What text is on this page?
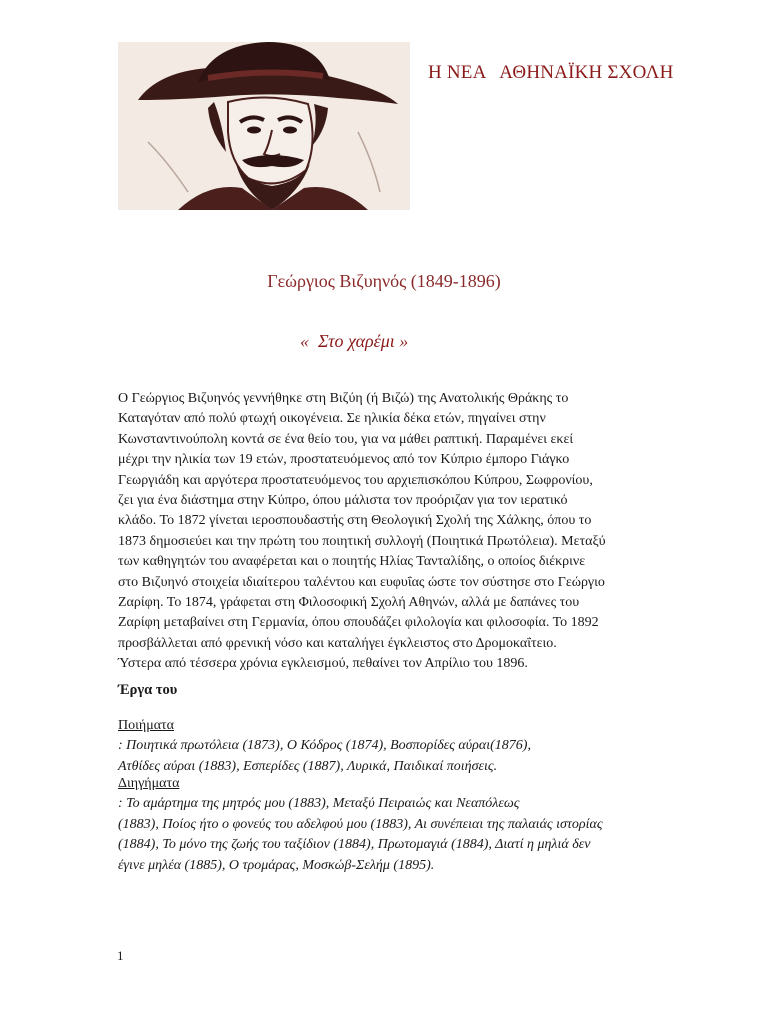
Η ΝΕΑ   ΑΘΗΝΑΪΚΗ ΣΧΟΛΗ
Γεώργιος Βιζυηνός (1849-1896)
«  Στο χαρέμι »
Ο Γεώργιος Βιζυηνός γεννήθηκε στη Βιζύη (ή Βιζώ) της Ανατολικής Θράκης το
Καταγόταν από πολύ φτωχή οικογένεια. Σε ηλικία δέκα ετών, πηγαίνει στην
Κωνσταντινούπολη κοντά σε ένα θείο του, για να μάθει ραπτική. Παραμένει εκεί
μέχρι την ηλικία των 19 ετών, προστατευόμενος από τον Κύπριο έμπορο Γιάγκο
Γεωργιάδη και αργότερα προστατευόμενος του αρχιεπισκόπου Κύπρου, Σωφρονίου,
ζει για ένα διάστημα στην Κύπρο, όπου μάλιστα τον προόριζαν για τον ιερατικό
κλάδο. Το 1872 γίνεται ιεροσπουδαστής στη Θεολογική Σχολή της Χάλκης, όπου το
1873 δημοσιεύει και την πρώτη του ποιητική συλλογή (Ποιητικά Πρωτόλεια). Μεταξύ
των καθηγητών του αναφέρεται και ο ποιητής Ηλίας Τανταλίδης, ο οποίος διέκρινε
στο Βιζυηνό στοιχεία ιδιαίτερου ταλέντου και ευφυΐας ώστε τον σύστησε στο Γεώργιο
Ζαρίφη. Το 1874, γράφεται στη Φιλοσοφική Σχολή Αθηνών, αλλά με δαπάνες του
Ζαρίφη μεταβαίνει στη Γερμανία, όπου σπουδάζει φιλολογία και φιλοσοφία. Το 1892
προσβάλλεται από φρενική νόσο και καταλήγει έγκλειστος στο Δρομοκαΐτειο.
Ύστερα από τέσσερα χρόνια εγκλεισμού, πεθαίνει τον Απρίλιο του 1896.
Έργα του
Ποιήματα
: Ποιητικά πρωτόλεια (1873), Ο Κόδρος (1874), Βοσπορίδες αύραι(1876),
Ατθίδες αύραι (1883), Εσπερίδες (1887), Λυρικά, Παιδικαί ποιήσεις.
Διηγήματα
: Το αμάρτημα της μητρός μου (1883), Μεταξύ Πειραιώς και Νεαπόλεως
(1883), Ποίος ήτο ο φονεύς του αδελφού μου (1883), Αι συνέπειαι της παλαιάς ιστορίας
(1884), Το μόνο της ζωής του ταξίδιον (1884), Πρωτομαγιά (1884), Διατί η μηλιά δεν
έγινε μηλέα (1885), Ο τρομάρας, Μοσκώβ-Σελήμ (1895).
1
